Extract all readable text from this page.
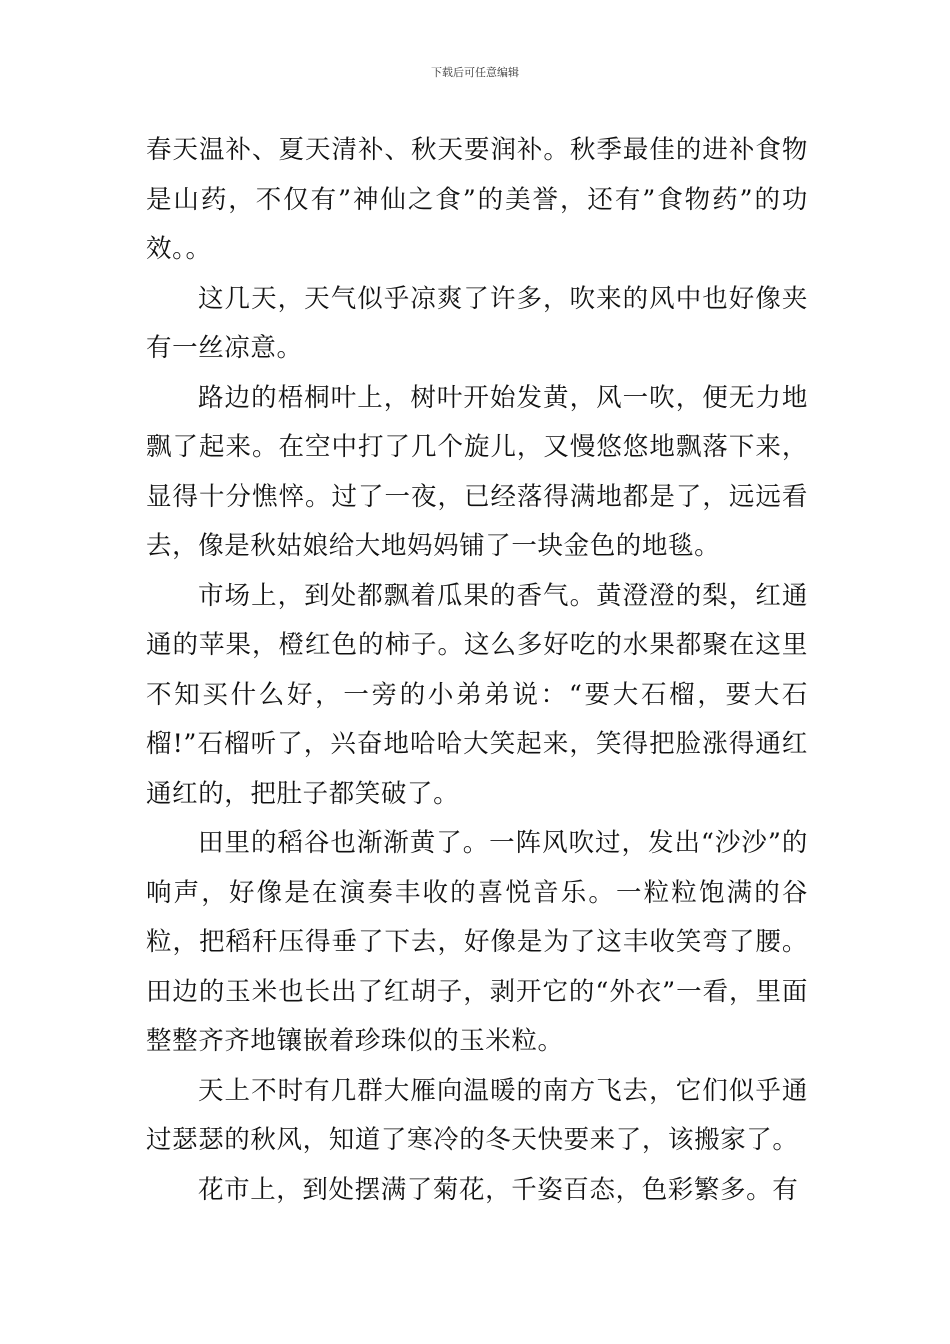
下载后可任意编辑

春天温补、夏天清补、秋天要润补。秋季最佳的进补食物是山药，不仅有”神仙之食”的美誉，还有”食物药”的功效。。

这几天，天气似乎凉爽了许多，吹来的风中也好像夹有一丝凉意。

路边的梧桐叶上，树叶开始发黄，风一吹，便无力地飘了起来。在空中打了几个旋儿，又慢悠悠地飘落下来，显得十分憔悴。过了一夜，已经落得满地都是了，远远看去，像是秋姑娘给大地妈妈铺了一块金色的地毯。

市场上，到处都飘着瓜果的香气。黄澄澄的梨，红通通的苹果，橙红色的柿子。这么多好吃的水果都聚在这里不知买什么好，一旁的小弟弟说：“要大石榴，要大石榴!”石榴听了，兴奋地哈哈大笑起来，笑得把脸涨得通红通红的，把肚子都笑破了。

田里的稻谷也渐渐黄了。一阵风吹过，发出“沙沙”的响声，好像是在演奏丰收的喜悦音乐。一粒粒饱满的谷粒，把稻秆压得垂了下去，好像是为了这丰收笑弯了腰。田边的玉米也长出了红胡子，剥开它的“外衣”一看，里面整整齐齐地镶嵌着珍珠似的玉米粒。

天上不时有几群大雁向温暖的南方飞去，它们似乎通过瑟瑟的秋风，知道了寒冷的冬天快要来了，该搬家了。

花市上，到处摆满了菊花，千姿百态，色彩繁多。有
